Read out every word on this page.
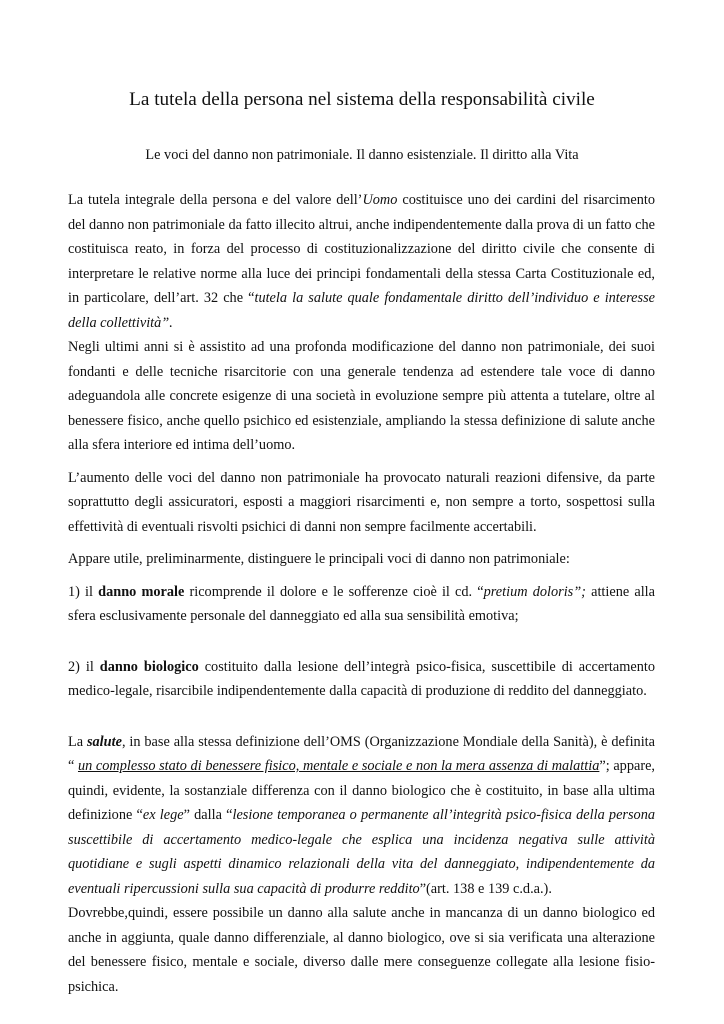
La tutela della persona nel sistema della responsabilità civile
Le voci del danno non patrimoniale. Il danno esistenziale. Il diritto alla Vita

La tutela integrale della persona e del valore dell’Uomo costituisce uno dei cardini del risarcimento del danno non patrimoniale da fatto illecito altrui, anche indipendentemente dalla prova di un fatto che costituisca reato, in forza del processo di costituzionalizzazione del diritto civile che consente di interpretare le relative norme alla luce dei principi fondamentali della stessa Carta Costituzionale ed, in particolare, dell’art. 32 che “tutela la salute quale fondamentale diritto dell’individuo e interesse della collettività”.

Negli ultimi anni si è assistito ad una profonda modificazione del danno non patrimoniale, dei suoi fondanti e delle tecniche risarcitorie con una generale tendenza ad estendere tale voce di danno adeguandola alle concrete esigenze di una società in evoluzione sempre più attenta a tutelare, oltre al benessere fisico, anche quello psichico ed esistenziale, ampliando la stessa definizione di salute anche alla sfera interiore ed intima dell’uomo.

L’aumento delle voci del danno non patrimoniale ha provocato naturali reazioni difensive, da parte soprattutto degli assicuratori, esposti a maggiori risarcimenti e, non sempre a torto, sospettosi sulla effettività di eventuali risvolti psichici di danni non sempre facilmente accertabili.

Appare utile, preliminarmente, distinguere le principali voci di danno non patrimoniale:

1) il danno morale ricomprende il dolore e le sofferenze cioè il cd. “pretium doloris”; attiene alla sfera esclusivamente personale del danneggiato ed alla sua sensibilità emotiva;

2) il danno biologico costituito dalla lesione dell’integrà psico-fisica, suscettibile di accertamento medico-legale, risarcibile indipendentemente dalla capacità di produzione di reddito del danneggiato.

La salute, in base alla stessa definizione dell’OMS (Organizzazione Mondiale della Sanità), è definita “ un complesso stato di benessere fisico, mentale e sociale e non la mera assenza di malattia”; appare, quindi, evidente, la sostanziale differenza con il danno biologico che è costituito, in base alla ultima definizione “ex lege” dalla “lesione temporanea o permanente all’integrità psico-fisica della persona suscettibile di accertamento medico-legale che esplica una incidenza negativa sulle attività quotidiane e sugli aspetti dinamico relazionali della vita del danneggiato, indipendentemente da eventuali ripercussioni sulla sua capacità di produrre reddito”(art. 138 e 139 c.d.a.).

Dovrebbe,quindi, essere possibile un danno alla salute anche in mancanza di un danno biologico ed anche in aggiunta, quale danno differenziale, al danno biologico, ove si sia verificata una alterazione del benessere fisico, mentale e sociale, diverso dalle mere conseguenze collegate alla lesione fisio-psichica.
